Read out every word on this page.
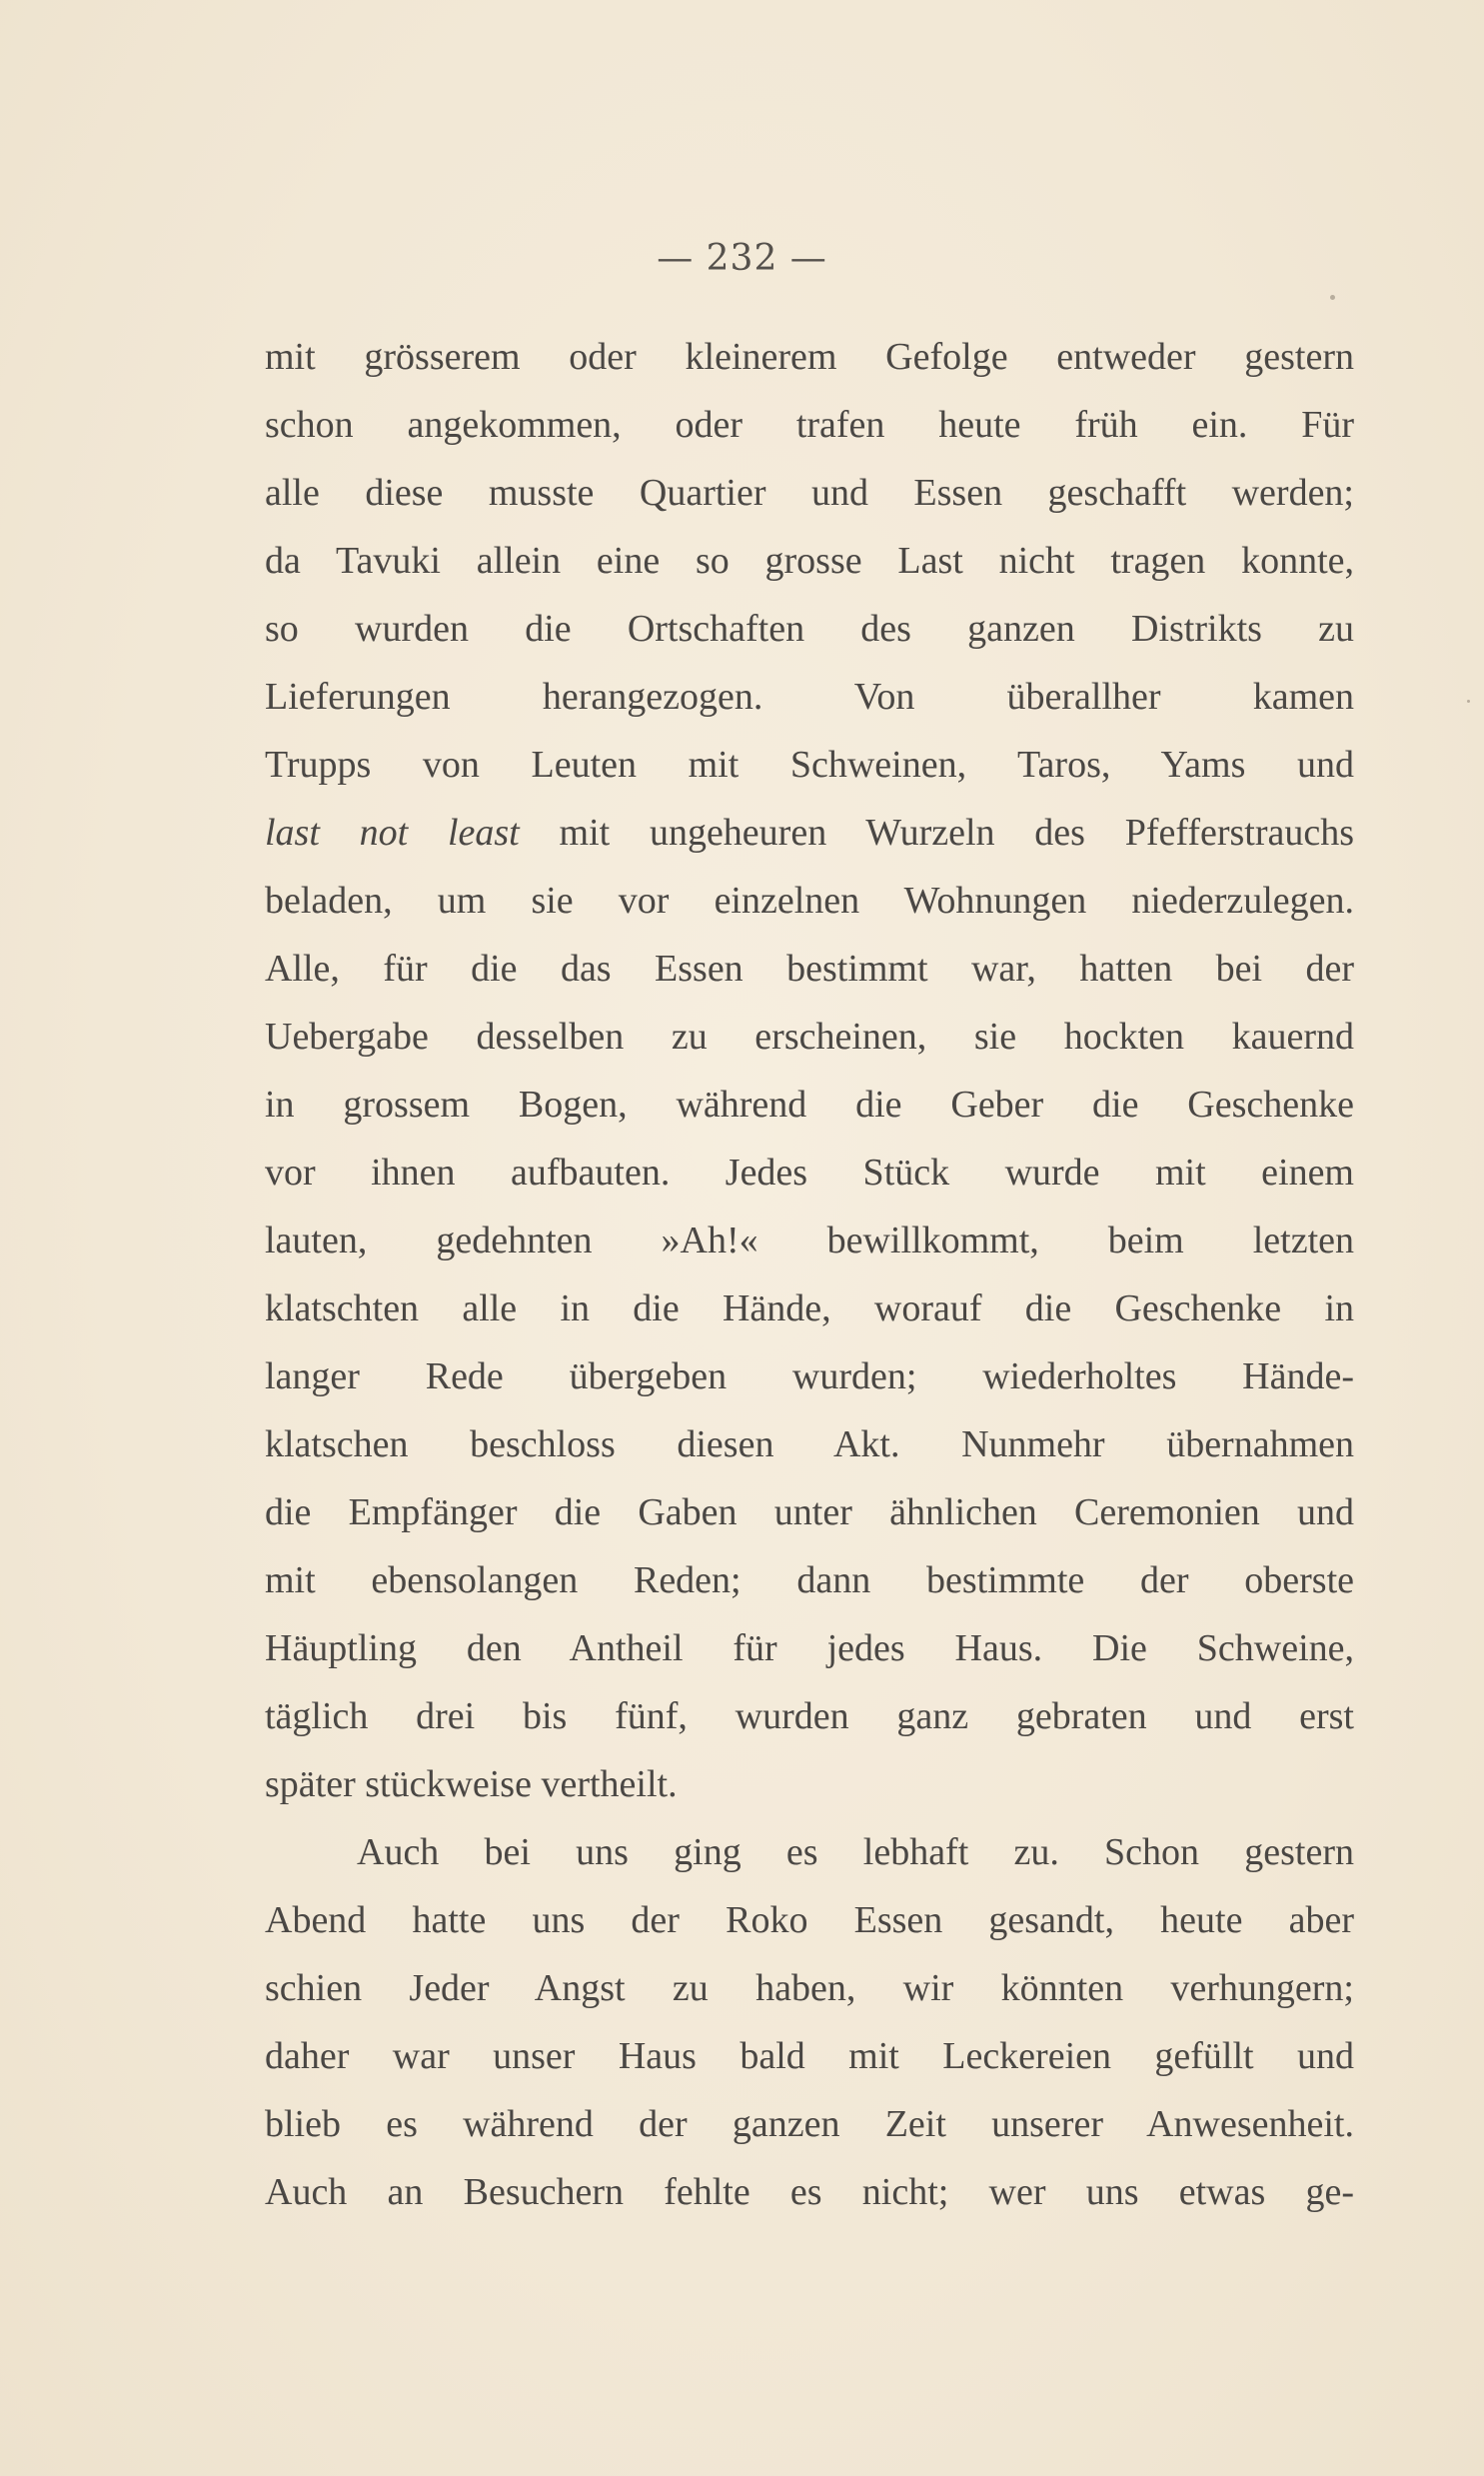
— 232 —
mit grösserem oder kleinerem Gefolge entweder gestern
schon angekommen, oder trafen heute früh ein. Für
alle diese musste Quartier und Essen geschafft werden;
da Tavuki allein eine so grosse Last nicht tragen konnte,
so wurden die Ortschaften des ganzen Distrikts zu
Lieferungen herangezogen. Von überallher kamen
Trupps von Leuten mit Schweinen, Taros, Yams und
last not least mit ungeheuren Wurzeln des Pfefferstrauchs
beladen, um sie vor einzelnen Wohnungen niederzulegen.
Alle, für die das Essen bestimmt war, hatten bei der
Uebergabe desselben zu erscheinen, sie hockten kauernd
in grossem Bogen, während die Geber die Geschenke
vor ihnen aufbauten. Jedes Stück wurde mit einem
lauten, gedehnten »Ah!« bewillkommt, beim letzten
klatschten alle in die Hände, worauf die Geschenke in
langer Rede übergeben wurden; wiederholtes Hände-
klatschen beschloss diesen Akt. Nunmehr übernahmen
die Empfänger die Gaben unter ähnlichen Ceremonien und
mit ebensolangen Reden; dann bestimmte der oberste
Häuptling den Antheil für jedes Haus. Die Schweine,
täglich drei bis fünf, wurden ganz gebraten und erst
später stückweise vertheilt.
Auch bei uns ging es lebhaft zu. Schon gestern
Abend hatte uns der Roko Essen gesandt, heute aber
schien Jeder Angst zu haben, wir könnten verhungern;
daher war unser Haus bald mit Leckereien gefüllt und
blieb es während der ganzen Zeit unserer Anwesenheit.
Auch an Besuchern fehlte es nicht; wer uns etwas ge-
